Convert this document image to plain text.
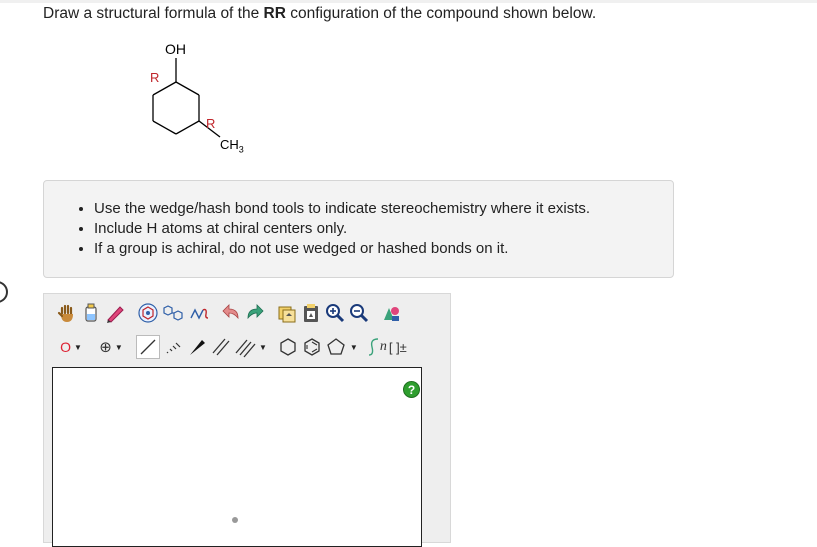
Draw a structural formula of the RR configuration of the compound shown below.
OH
R
R
$CH_3$
• Use the wedge/hash bond tools to indicate stereochemistry where it exists.
• Include H atoms at chiral centers only.
• If a group is achiral, do not use wedged or hashed bonds on it.
O ▼ ⊕ ▼	▼	▼ n [ ]±
?
